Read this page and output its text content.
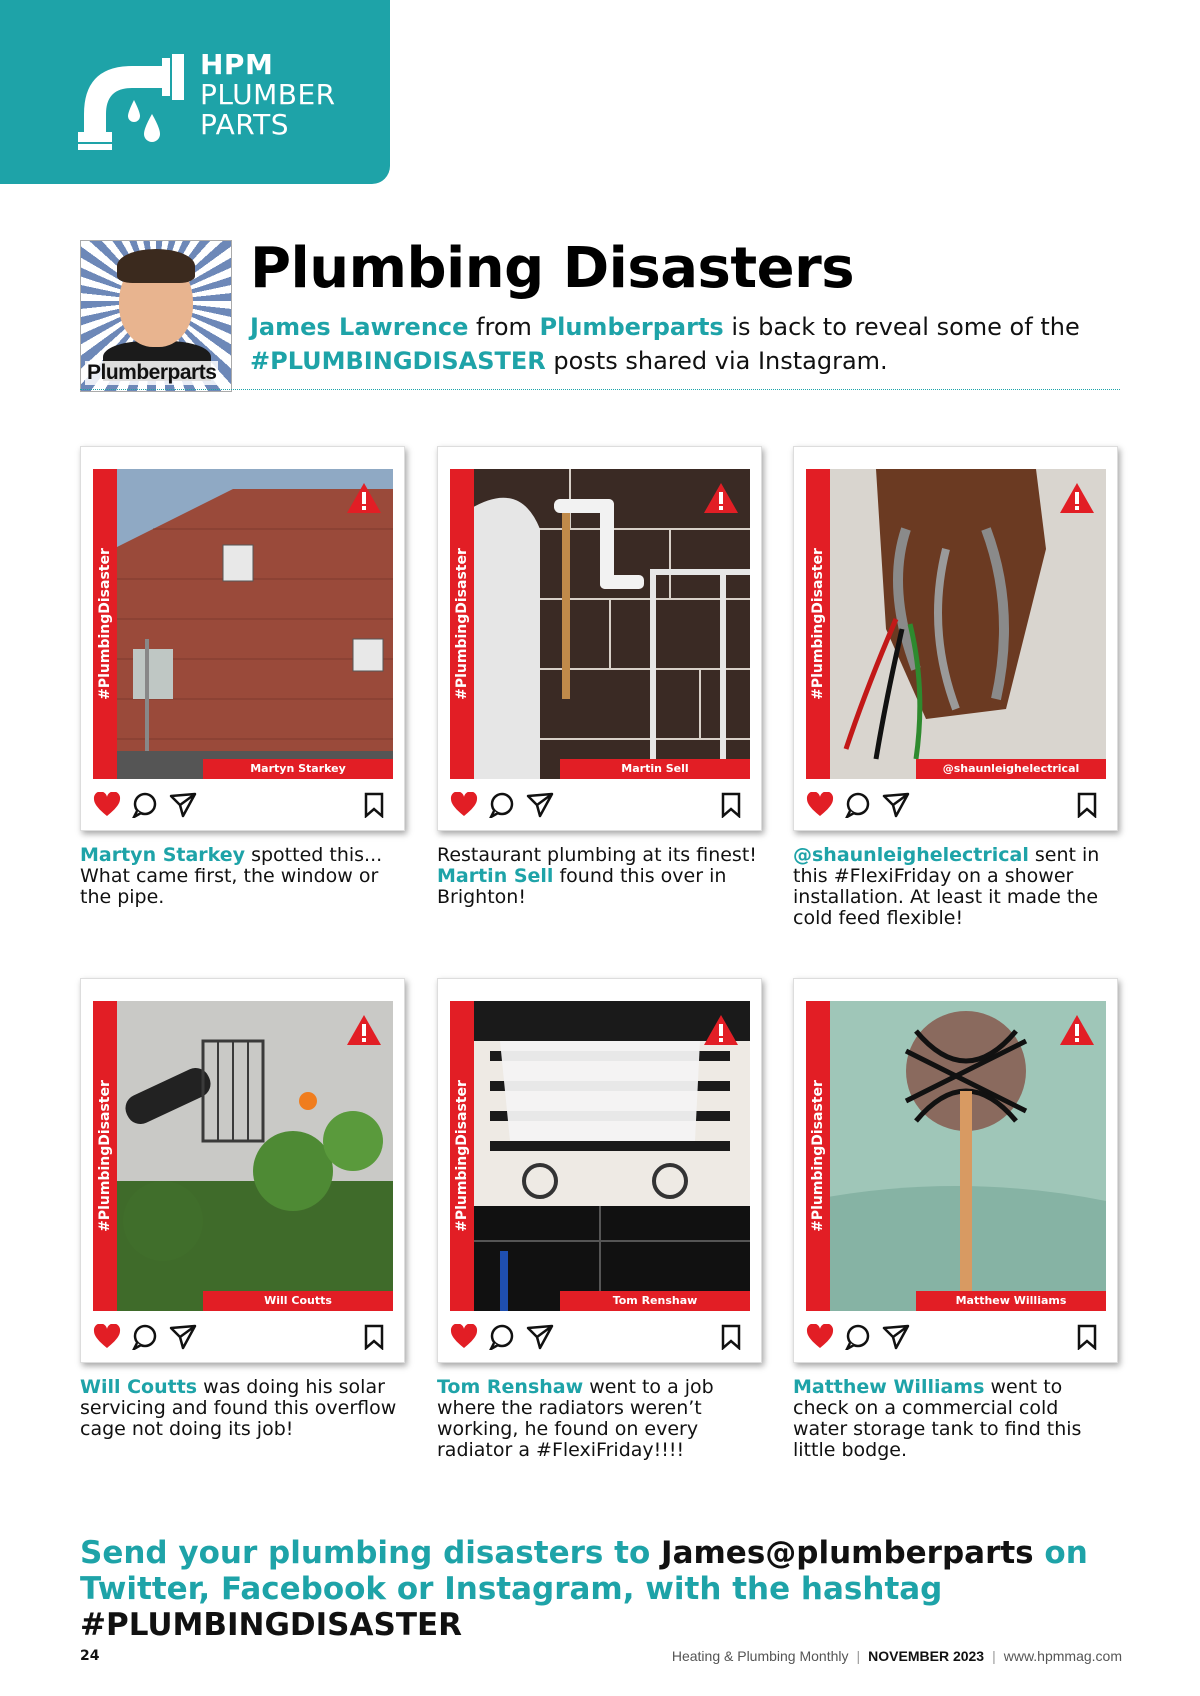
HPM
PLUMBER
PARTS
Plumberparts
Plumbing Disasters

James Lawrence from Plumberparts is back to reveal some of the
#PLUMBINGDISASTER posts shared via Instagram.

#PlumbingDisaster
Martyn Starkey

Martyn Starkey spotted this... What came first, the window or the pipe.

#PlumbingDisaster
Martin Sell

Restaurant plumbing at its finest! Martin Sell found this over in Brighton!

#PlumbingDisaster
@shaunleighelectrical

@shaunleighelectrical sent in this #FlexiFriday on a shower installation. At least it made the cold feed flexible!

#PlumbingDisaster
Will Coutts

Will Coutts was doing his solar servicing and found this overflow cage not doing its job!

#PlumbingDisaster
Tom Renshaw

Tom Renshaw went to a job where the radiators weren’t working, he found on every radiator a #FlexiFriday!!!!

#PlumbingDisaster
Matthew Williams

Matthew Williams went to check on a commercial cold water storage tank to find this little bodge.

Send your plumbing disasters to James@plumberparts on Twitter, Facebook or Instagram, with the hashtag #PLUMBINGDISASTER

24	Heating & Plumbing Monthly | NOVEMBER 2023 | www.hpmmag.com
